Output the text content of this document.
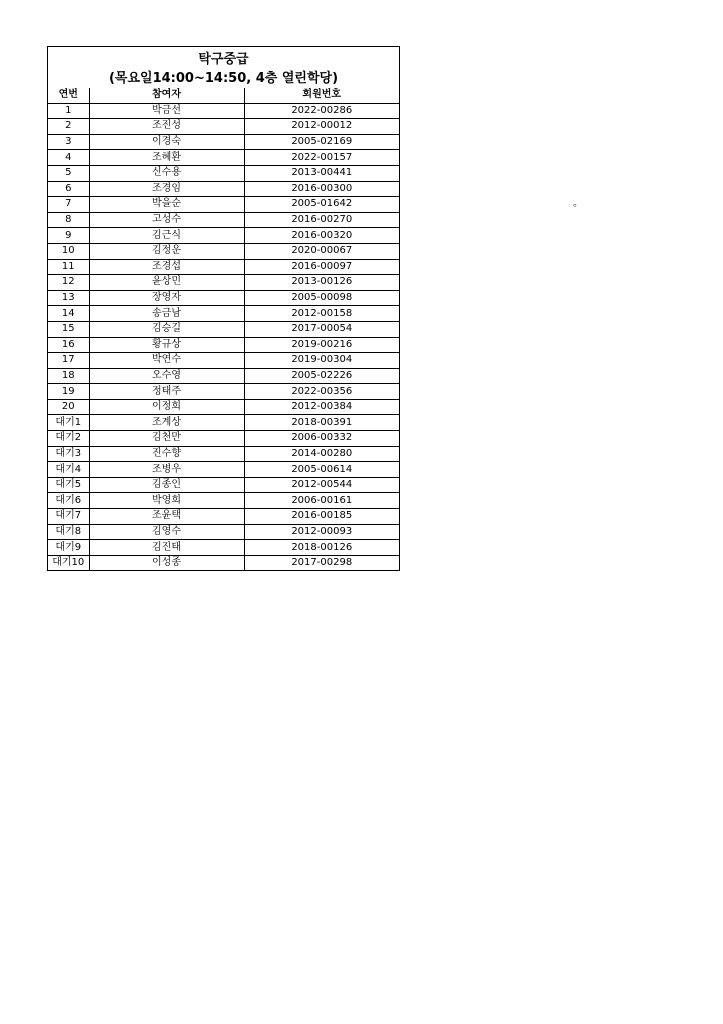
탁구중급
(목요일14:00~14:50, 4층 열린학당)
연번	참여자	회원번호
1	박금선	2022-00286
2	조진성	2012-00012
3	이경숙	2005-02169
4	조혜환	2022-00157
5	신수용	2013-00441
6	조경임	2016-00300
7	박을순	2005-01642
8	고성수	2016-00270
9	김근식	2016-00320
10	김정운	2020-00067
11	조경섭	2016-00097
12	윤상민	2013-00126
13	장영자	2005-00098
14	송금남	2012-00158
15	김승길	2017-00054
16	황규상	2019-00216
17	박연수	2019-00304
18	오수영	2005-02226
19	정태주	2022-00356
20	이정희	2012-00384
대기1	조계상	2018-00391
대기2	김천만	2006-00332
대기3	진수향	2014-00280
대기4	조병우	2005-00614
대기5	김종인	2012-00544
대기6	박영희	2006-00161
대기7	조윤택	2016-00185
대기8	김영수	2012-00093
대기9	김진태	2018-00126
대기10	이성종	2017-00298
。
